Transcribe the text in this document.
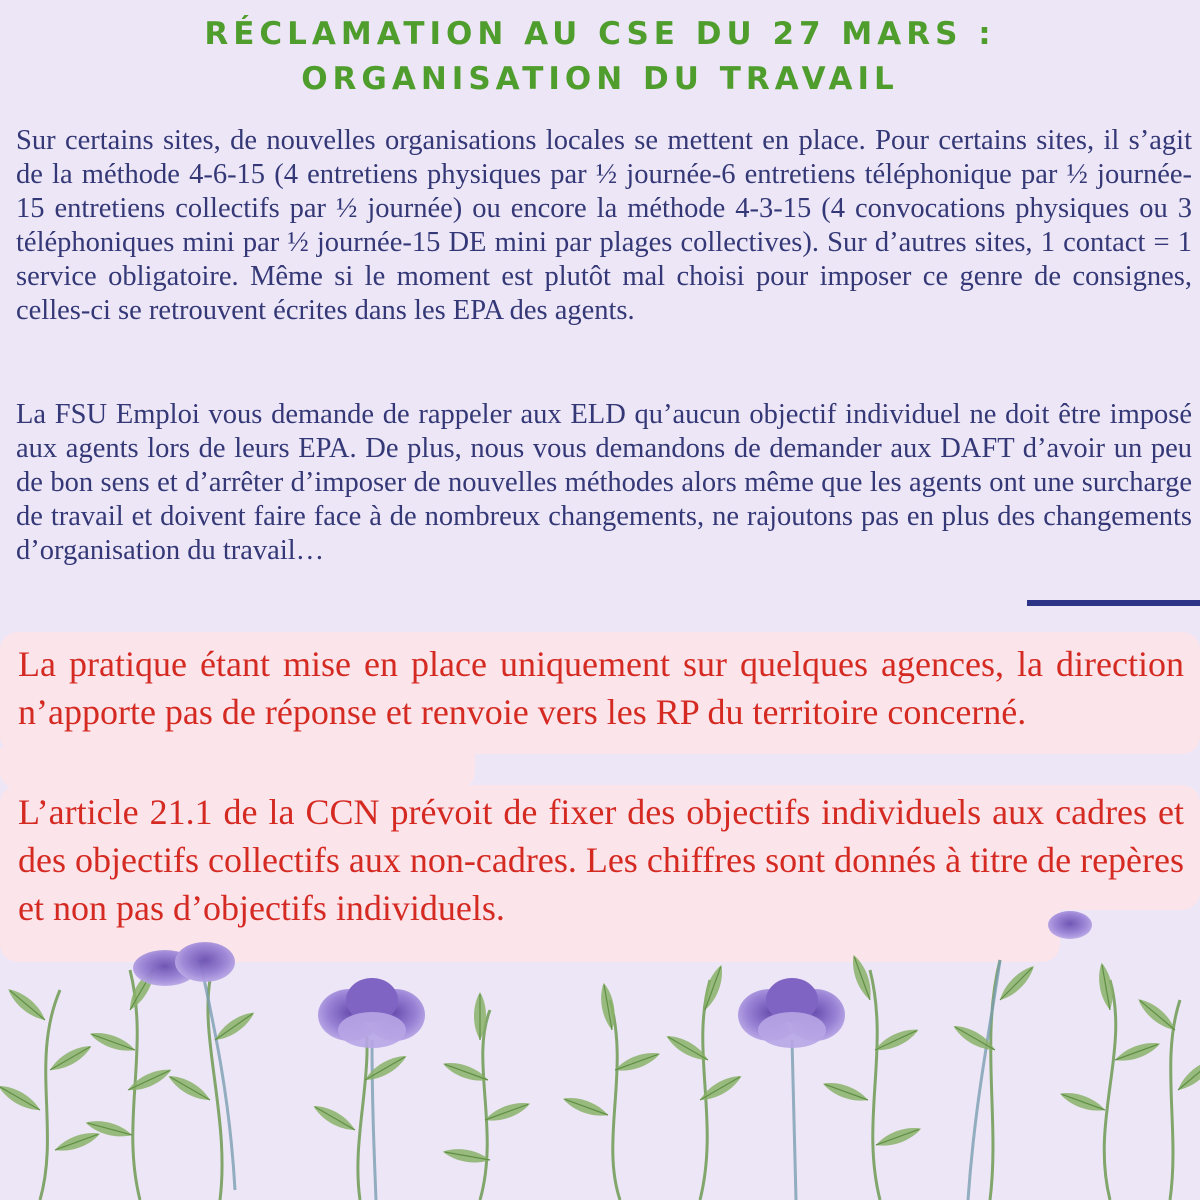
RÉCLAMATION AU CSE DU 27 MARS :
ORGANISATION DU TRAVAIL

Sur certains sites, de nouvelles organisations locales se mettent en place. Pour certains sites, il s’agit de la méthode 4-6-15 (4 entretiens physiques par ½ journée-6 entretiens téléphonique par ½ journée-15 entretiens collectifs par ½ journée) ou encore la méthode 4-3-15 (4 convocations physiques ou 3 téléphoniques mini par ½ journée-15 DE mini par plages collectives). Sur d’autres sites, 1 contact = 1 service obligatoire. Même si le moment est plutôt mal choisi pour imposer ce genre de consignes, celles-ci se retrouvent écrites dans les EPA des agents.

La FSU Emploi vous demande de rappeler aux ELD qu’aucun objectif individuel ne doit être imposé aux agents lors de leurs EPA. De plus, nous vous demandons de demander aux DAFT d’avoir un peu de bon sens et d’arrêter d’imposer de nouvelles méthodes alors même que les agents ont une surcharge de travail et doivent faire face à de nombreux changements, ne rajoutons pas en plus des changements d’organisation du travail…

La pratique étant mise en place uniquement sur quelques agences, la direction n’apporte pas de réponse et renvoie vers les RP du territoire concerné.

L’article 21.1 de la CCN prévoit de fixer des objectifs individuels aux cadres et des objectifs collectifs aux non-cadres. Les chiffres sont donnés à titre de repères et non pas d’objectifs individuels.
